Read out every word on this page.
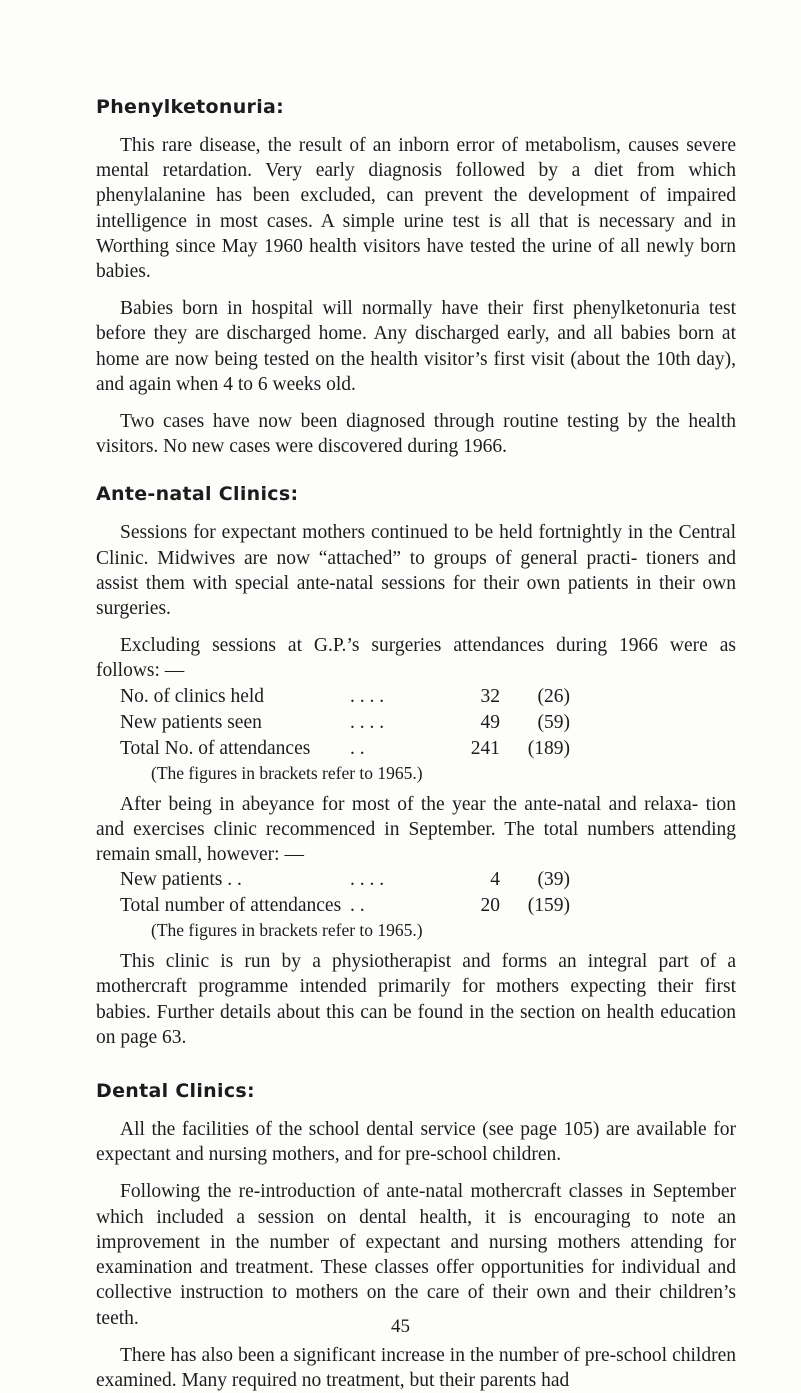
Phenylketonuria:

This rare disease, the result of an inborn error of metabolism, causes severe mental retardation. Very early diagnosis followed by a diet from which phenylalanine has been excluded, can prevent the development of impaired intelligence in most cases. A simple urine test is all that is necessary and in Worthing since May 1960 health visitors have tested the urine of all newly born babies.

Babies born in hospital will normally have their first phenylketonuria test before they are discharged home. Any discharged early, and all babies born at home are now being tested on the health visitor’s first visit (about the 10th day), and again when 4 to 6 weeks old.

Two cases have now been diagnosed through routine testing by the health visitors. No new cases were discovered during 1966.

Ante-natal Clinics:

Sessions for expectant mothers continued to be held fortnightly in the Central Clinic. Midwives are now “attached” to groups of general practi- tioners and assist them with special ante-natal sessions for their own patients in their own surgeries.

Excluding sessions at G.P.’s surgeries attendances during 1966 were as follows: —

No. of clinics held	. . . .	32	(26)
New patients seen	. . . .	49	(59)
Total No. of attendances	. .	241	(189)
(The figures in brackets refer to 1965.)

After being in abeyance for most of the year the ante-natal and relaxa- tion and exercises clinic recommenced in September. The total numbers attending remain small, however: —

New patients . .	. . . .	4	(39)
Total number of attendances	. .	20	(159)
(The figures in brackets refer to 1965.)

This clinic is run by a physiotherapist and forms an integral part of a mothercraft programme intended primarily for mothers expecting their first babies. Further details about this can be found in the section on health education on page 63.

Dental Clinics:

All the facilities of the school dental service (see page 105) are available for expectant and nursing mothers, and for pre-school children.

Following the re-introduction of ante-natal mothercraft classes in September which included a session on dental health, it is encouraging to note an improvement in the number of expectant and nursing mothers attending for examination and treatment. These classes offer opportunities for individual and collective instruction to mothers on the care of their own and their children’s teeth.

There has also been a significant increase in the number of pre-school children examined. Many required no treatment, but their parents had

45
